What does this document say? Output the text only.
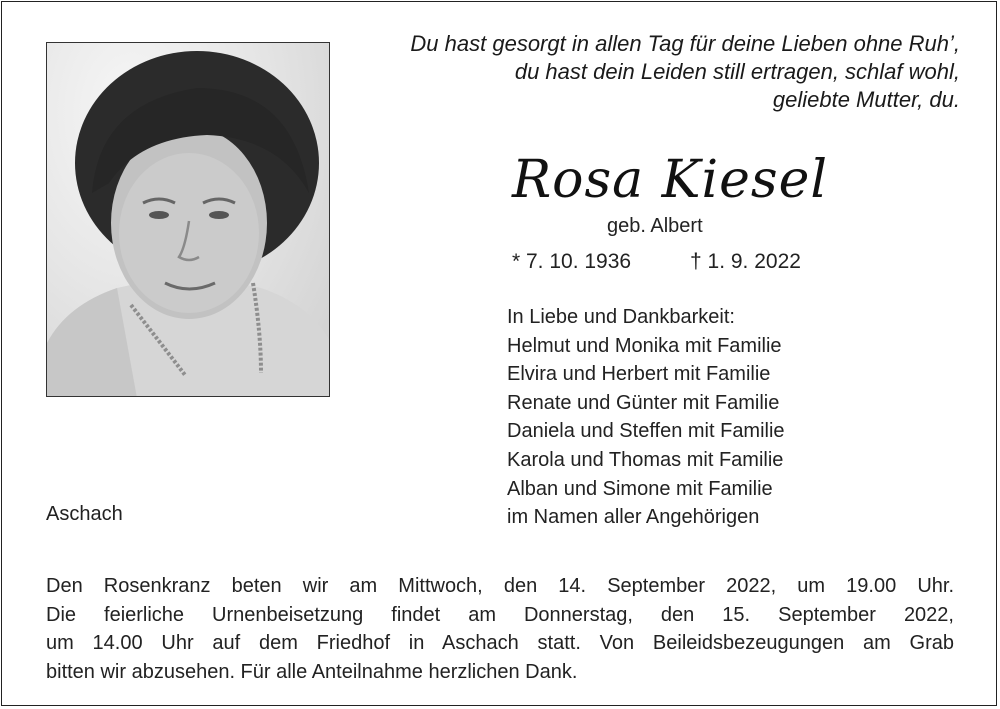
Du hast gesorgt in allen Tag für deine Lieben ohne Ruh’,
du hast dein Leiden still ertragen, schlaf wohl,
geliebte Mutter, du.
Rosa Kiesel
geb. Albert
* 7. 10. 1936	† 1. 9. 2022
In Liebe und Dankbarkeit:
Helmut und Monika mit Familie
Elvira und Herbert mit Familie
Renate und Günter mit Familie
Daniela und Steffen mit Familie
Karola und Thomas mit Familie
Alban und Simone mit Familie
im Namen aller Angehörigen
Aschach
Den Rosenkranz beten wir am Mittwoch, den 14. September 2022, um 19.00 Uhr.
Die feierliche Urnenbeisetzung findet am Donnerstag, den 15. September 2022,
um 14.00 Uhr auf dem Friedhof in Aschach statt. Von Beileidsbezeugungen am Grab
bitten wir abzusehen. Für alle Anteilnahme herzlichen Dank.
